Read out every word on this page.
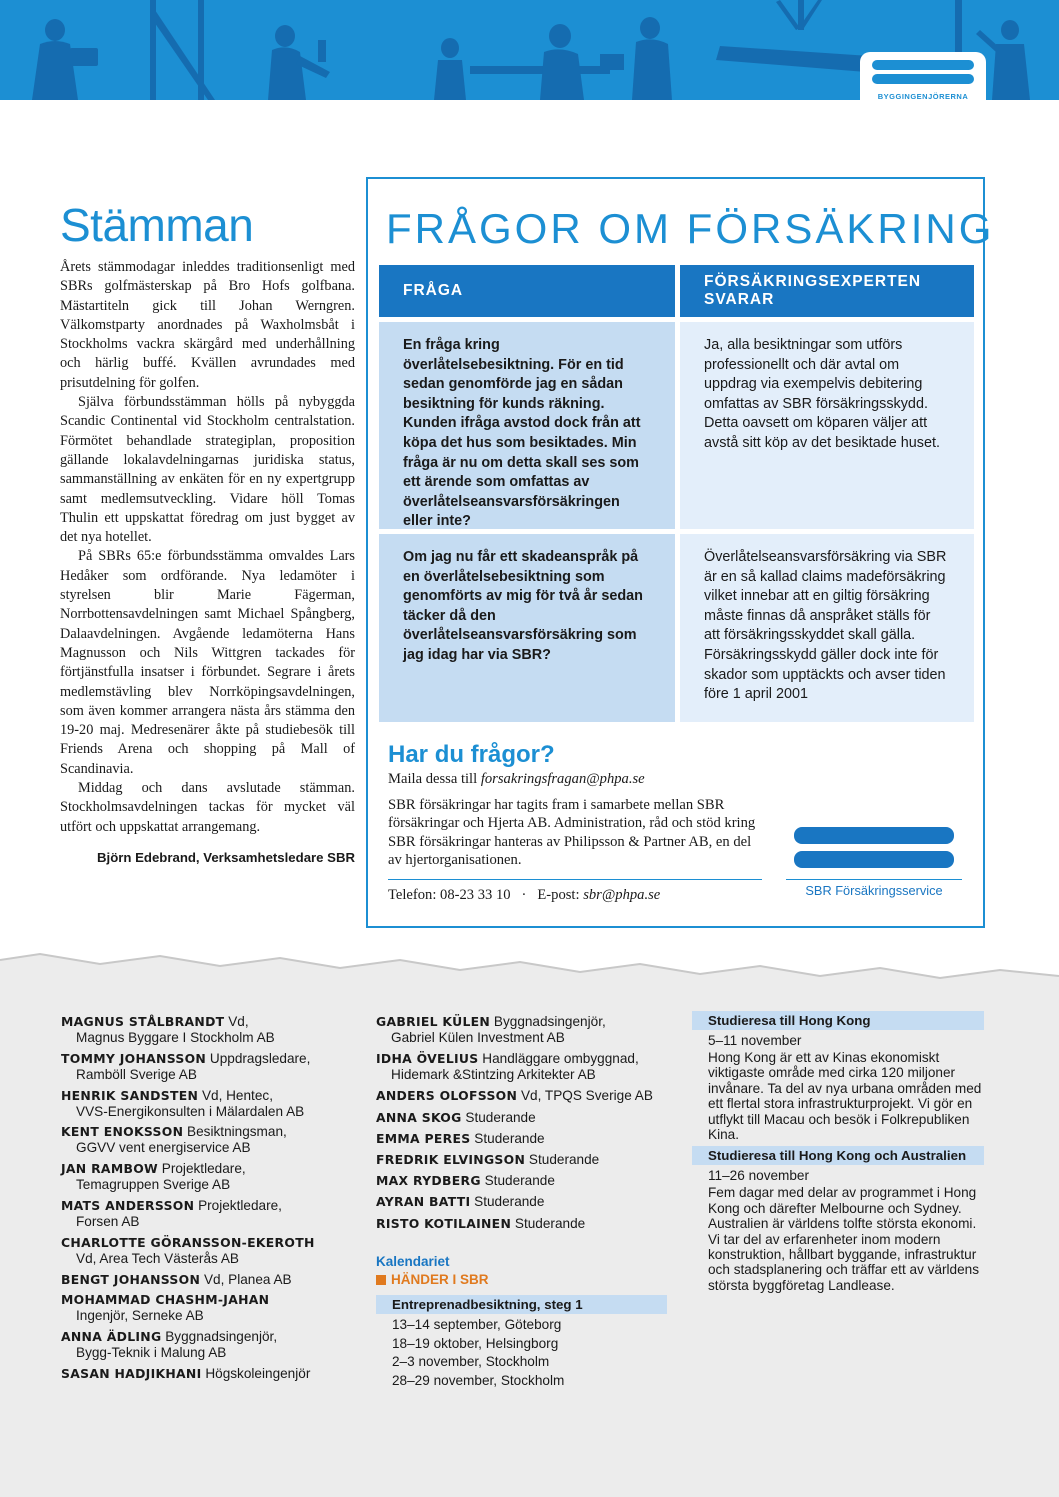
BYGGINGENJÖRERNA
Stämman

Årets stämmodagar inleddes traditionsenligt med SBRs golfmästerskap på Bro Hofs golfbana. Mästartiteln gick till Johan Werngren. Välkomstparty anordnades på Waxholmsbåt i Stockholms vackra skärgård med underhållning och härlig buffé. Kvällen avrundades med prisutdelning för golfen.

Själva förbundsstämman hölls på nybyggda Scandic Continental vid Stockholm centralstation. Förmötet behandlade strategiplan, proposition gällande lokalavdelningarnas juridiska status, sammanställning av enkäten för en ny expertgrupp samt medlemsutveckling. Vidare höll Tomas Thulin ett uppskattat föredrag om just bygget av det nya hotellet.

På SBRs 65:e förbundsstämma omvaldes Lars Hedåker som ordförande. Nya ledamöter i styrelsen blir Marie Fägerman, Norrbottensavdelningen samt Michael Spångberg, Dalaavdelningen. Avgående ledamöterna Hans Magnusson och Nils Wittgren tackades för förtjänstfulla insatser i förbundet. Segrare i årets medlemstävling blev Norrköpingsavdelningen, som även kommer arrangera nästa års stämma den 19-20 maj. Medresenärer åkte på studiebesök till Friends Arena och shopping på Mall of Scandinavia.

Middag och dans avslutade stämman. Stockholmsavdelningen tackas för mycket väl utfört och uppskattat arrangemang.

Björn Edebrand, Verksamhetsledare SBR
FRÅGOR OM FÖRSÄKRING
FRÅGA
FÖRSÄKRINGSEXPERTEN SVARAR
En fråga kring överlåtelsebesiktning. För en tid sedan genomförde jag en sådan besiktning för kunds räkning. Kunden ifråga avstod dock från att köpa det hus som besiktades. Min fråga är nu om detta skall ses som ett ärende som omfattas av överlåtelseansvarsförsäkringen eller inte?
Ja, alla besiktningar som utförs professionellt och där avtal om uppdrag via exempelvis debitering omfattas av SBR försäkringsskydd. Detta oavsett om köparen väljer att avstå sitt köp av det besiktade huset.
Om jag nu får ett skadeanspråk på en överlåtelsebesiktning som genomförts av mig för två år sedan täcker då den överlåtelseansvarsförsäkring som jag idag har via SBR?
Överlåtelseansvarsförsäkring via SBR är en så kallad claims madeförsäkring vilket innebar att en giltig försäkring måste finnas då anspråket ställs för att försäkringsskyddet skall gälla. Försäkringsskydd gäller dock inte för skador som upptäckts och avser tiden före 1 april 2001
Har du frågor?
Maila dessa till forsakringsfragan@phpa.se
SBR försäkringar har tagits fram i samarbete mellan SBR försäkringar och Hjerta AB. Administration, råd och stöd kring SBR försäkringar hanteras av Philipsson & Partner AB, en del av hjertorganisationen.
Telefon: 08-23 33 10 · E-post: sbr@phpa.se	SBR Försäkringsservice
MAGNUS STÅLBRANDT Vd,
Magnus Byggare I Stockholm AB
TOMMY JOHANSSON Uppdragsledare,
Ramböll Sverige AB
HENRIK SANDSTEN Vd, Hentec,
VVS-Energikonsulten i Mälardalen AB
KENT ENOKSSON Besiktningsman,
GGVV vent energiservice AB
JAN RAMBOW Projektledare,
Temagruppen Sverige AB
MATS ANDERSSON Projektledare,
Forsen AB
CHARLOTTE GÖRANSSON-EKEROTH
Vd, Area Tech Västerås AB
BENGT JOHANSSON Vd, Planea AB
MOHAMMAD CHASHM-JAHAN
Ingenjör, Serneke AB
ANNA ÄDLING Byggnadsingenjör,
Bygg-Teknik i Malung AB
SASAN HADJIKHANI Högskoleingenjör
GABRIEL KÜLEN Byggnadsingenjör,
Gabriel Külen Investment AB
IDHA ÖVELIUS Handläggare ombyggnad,
Hidemark &Stintzing Arkitekter AB
ANDERS OLOFSSON Vd, TPQS Sverige AB
ANNA SKOG Studerande
EMMA PERES Studerande
FREDRIK ELVINGSON Studerande
MAX RYDBERG Studerande
AYRAN BATTI Studerande
RISTO KOTILAINEN Studerande
Kalendariet
HÄNDER I SBR
Entreprenadbesiktning, steg 1
13–14 september, Göteborg
18–19 oktober, Helsingborg
2–3 november, Stockholm
28–29 november, Stockholm
Studieresa till Hong Kong
5–11 november
Hong Kong är ett av Kinas ekonomiskt viktigaste område med cirka 120 miljoner invånare. Ta del av nya urbana områden med ett flertal stora infrastrukturprojekt. Vi gör en utflykt till Macau och besök i Folkrepubliken Kina.
Studieresa till Hong Kong och Australien
11–26 november
Fem dagar med delar av programmet i Hong Kong och därefter Melbourne och Sydney. Australien är världens tolfte största ekonomi. Vi tar del av erfarenheter inom modern konstruktion, hållbart byggande, infrastruktur och stadsplanering och träffar ett av världens största byggföretag Landlease.
